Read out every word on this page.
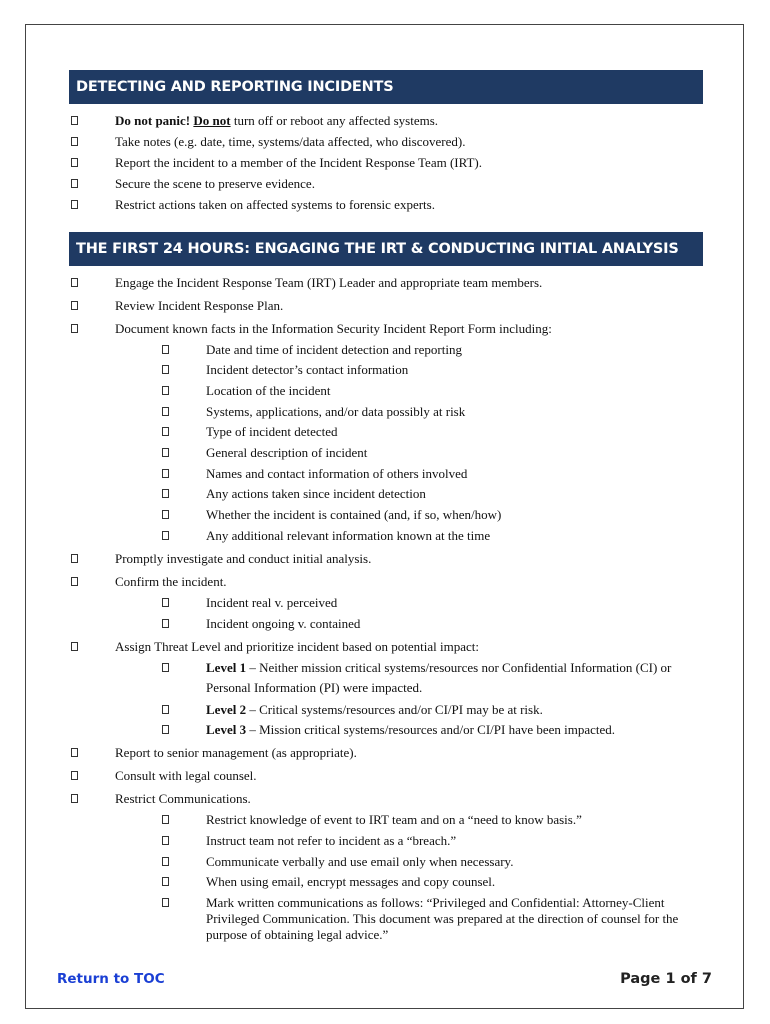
DETECTING AND REPORTING INCIDENTS
Do not panic! Do not turn off or reboot any affected systems.
Take notes (e.g. date, time, systems/data affected, who discovered).
Report the incident to a member of the Incident Response Team (IRT).
Secure the scene to preserve evidence.
Restrict actions taken on affected systems to forensic experts.
THE FIRST 24 HOURS: ENGAGING THE IRT & CONDUCTING INITIAL ANALYSIS
Engage the Incident Response Team (IRT) Leader and appropriate team members.
Review Incident Response Plan.
Document known facts in the Information Security Incident Report Form including:
Date and time of incident detection and reporting
Incident detector’s contact information
Location of the incident
Systems, applications, and/or data possibly at risk
Type of incident detected
General description of incident
Names and contact information of others involved
Any actions taken since incident detection
Whether the incident is contained (and, if so, when/how)
Any additional relevant information known at the time
Promptly investigate and conduct initial analysis.
Confirm the incident.
Incident real v. perceived
Incident ongoing v. contained
Assign Threat Level and prioritize incident based on potential impact:
Level 1 – Neither mission critical systems/resources nor Confidential Information (CI) or Personal Information (PI) were impacted.
Level 2 – Critical systems/resources and/or CI/PI may be at risk.
Level 3 – Mission critical systems/resources and/or CI/PI have been impacted.
Report to senior management (as appropriate).
Consult with legal counsel.
Restrict Communications.
Restrict knowledge of event to IRT team and on a “need to know basis.”
Instruct team not refer to incident as a “breach.”
Communicate verbally and use email only when necessary.
When using email, encrypt messages and copy counsel.
Mark written communications as follows: “Privileged and Confidential: Attorney-Client Privileged Communication. This document was prepared at the direction of counsel for the purpose of obtaining legal advice.”
Return to TOC	Page 1 of 7
